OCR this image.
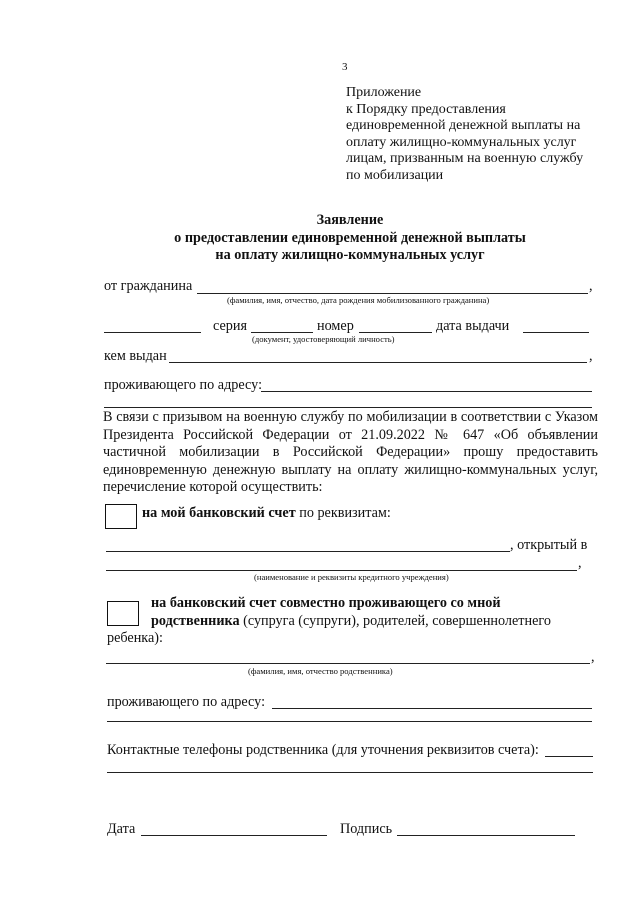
3
Приложение
к Порядку предоставления
единовременной денежной выплаты на
оплату жилищно-коммунальных услуг
лицам, призванным на военную службу
по мобилизации
Заявление
о предоставлении единовременной денежной выплаты
на оплату жилищно-коммунальных услуг
от гражданина	,
(фамилия, имя, отчество, дата рождения мобилизованного гражданина)
серия	номер	дата выдачи
(документ, удостоверяющий личность)
кем выдан	,
проживающего по адресу:
В связи с призывом на военную службу по мобилизации в соответствии с Указом Президента Российской Федерации от 21.09.2022 № 647 «Об объявлении частичной мобилизации в Российской Федерации» прошу предоставить единовременную денежную выплату на оплату жилищно-коммунальных услуг, перечисление которой осуществить:
на мой банковский счет по реквизитам:
, открытый в
,
(наименование и реквизиты кредитного учреждения)
на банковский счет совместно проживающего со мной
родственника (супруга (супруги), родителей, совершеннолетнего
ребенка):
,
(фамилия, имя, отчество родственника)
проживающего по адресу:
Контактные телефоны родственника (для уточнения реквизитов счета):
Дата	Подпись
